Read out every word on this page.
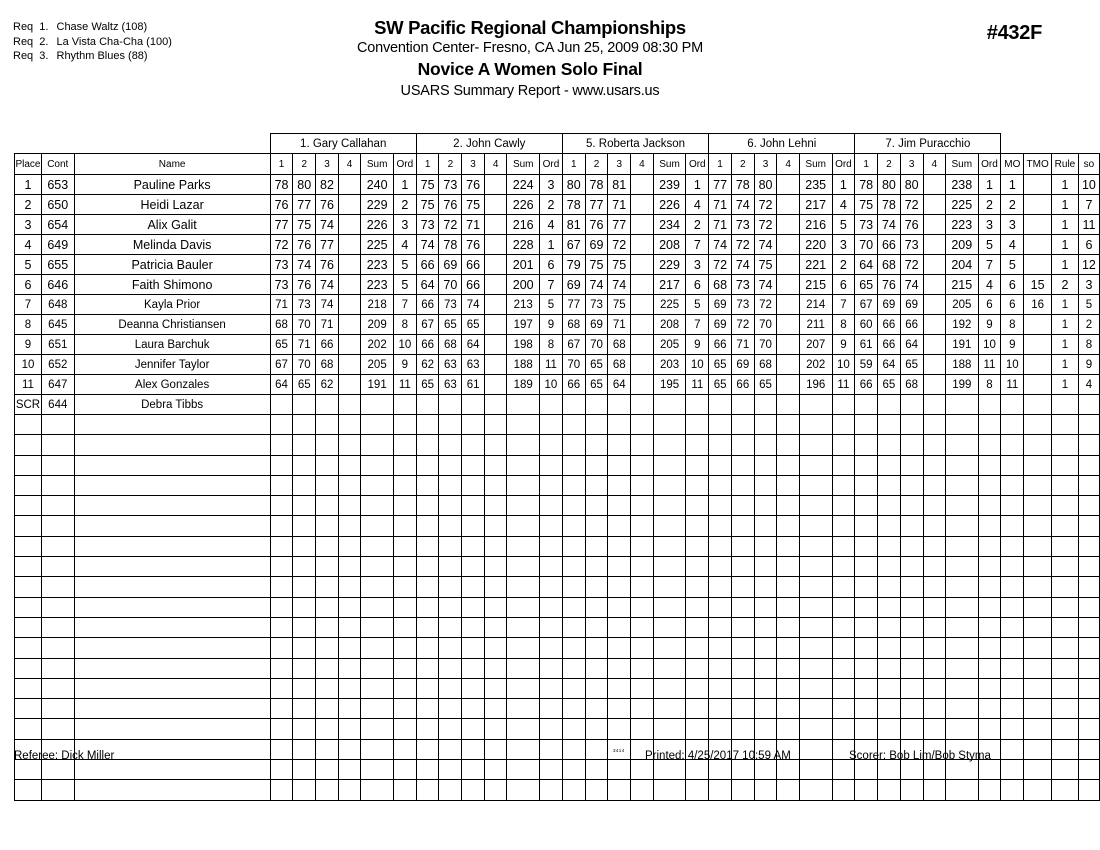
Req 1. Chase Waltz (108)
Req 2. La Vista Cha-Cha (100)
Req 3. Rhythm Blues (88)
SW Pacific Regional Championships
Convention Center- Fresno, CA Jun 25, 2009 08:30 PM
Novice A Women Solo Final
USARS Summary Report - www.usars.us
#432F
			1. Gary Callahan						2. John Cawly						5. Roberta Jackson						6. John Lehni						7. Jim Puracchio									
Place	Cont	Name	1	2	3	4	Sum	Ord	1	2	3	4	Sum	Ord	1	2	3	4	Sum	Ord	1	2	3	4	Sum	Ord	1	2	3	4	Sum	Ord	MO	TMO	Rule	so
1	653	Pauline Parks	78	80	82		240	1	75	73	76		224	3	80	78	81		239	1	77	78	80		235	1	78	80	80		238	1	1		1	10
2	650	Heidi Lazar	76	77	76		229	2	75	76	75		226	2	78	77	71		226	4	71	74	72		217	4	75	78	72		225	2	2		1	7
3	654	Alix Galit	77	75	74		226	3	73	72	71		216	4	81	76	77		234	2	71	73	72		216	5	73	74	76		223	3	3		1	11
4	649	Melinda Davis	72	76	77		225	4	74	78	76		228	1	67	69	72		208	7	74	72	74		220	3	70	66	73		209	5	4		1	6
5	655	Patricia Bauler	73	74	76		223	5	66	69	66		201	6	79	75	75		229	3	72	74	75		221	2	64	68	72		204	7	5		1	12
6	646	Faith Shimono	73	76	74		223	5	64	70	66		200	7	69	74	74		217	6	68	73	74		215	6	65	76	74		215	4	6	15	2	3
7	648	Kayla Prior	71	73	74		218	7	66	73	74		213	5	77	73	75		225	5	69	73	72		214	7	67	69	69		205	6	6	16	1	5
8	645	Deanna Christiansen	68	70	71		209	8	67	65	65		197	9	68	69	71		208	7	69	72	70		211	8	60	66	66		192	9	8		1	2
9	651	Laura Barchuk	65	71	66		202	10	66	68	64		198	8	67	70	68		205	9	66	71	70		207	9	61	66	64		191	10	9		1	8
10	652	Jennifer Taylor	67	70	68		205	9	62	63	63		188	11	70	65	68		203	10	65	69	68		202	10	59	64	65		188	11	10		1	9
11	647	Alex Gonzales	64	65	62		191	11	65	63	61		189	10	66	65	64		195	11	65	66	65		196	11	66	65	68		199	8	11		1	4
SCR	644	Debra Tibbs																																		

Referee: Dick Miller	3414 Printed: 4/25/2017 10:59 AM	Scorer: Bob Lim/Bob Styma
